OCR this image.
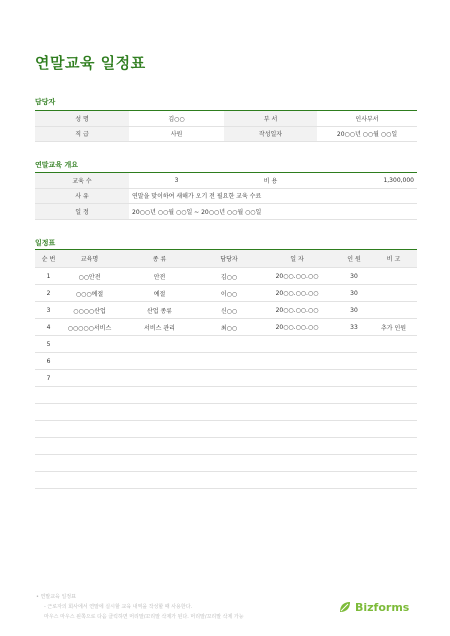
연말교육 일정표
담당자
성 명	김○○	부 서	인사부서
직 급	사원	작성일자	20○○년 ○○월 ○○일
연말교육 개요
교육 수	3	비 용	1,300,000
사 유	연말을 맞이하여 새해가 오기 전 필요한 교육 수료		
일 정	20○○년 ○○월 ○○일 ~ 20○○년 ○○월 ○○일		
일정표
순 번	교육명	종 류	담당자	일 자	인 원	비 고
1	○○안전	안전	김○○	20○○.○○.○○	30	
2	○○○예절	예절	이○○	20○○.○○.○○	30	
3	○○○○산업	산업 종류	신○○	20○○.○○.○○	30	
4	○○○○○서비스	서비스 관리	최○○	20○○.○○.○○	33	추가 인원
5						
6						
7						

• 연말교육 일정표
- 근로자의 회사에서 연말에 실시할 교육 내역을 작성할 때 사용한다.
마우스 마우스 왼쪽으로 다음 클릭하면 머리말/꼬리말 삭제가 된다. 머리말/꼬리말 삭제 가능
Bizforms
